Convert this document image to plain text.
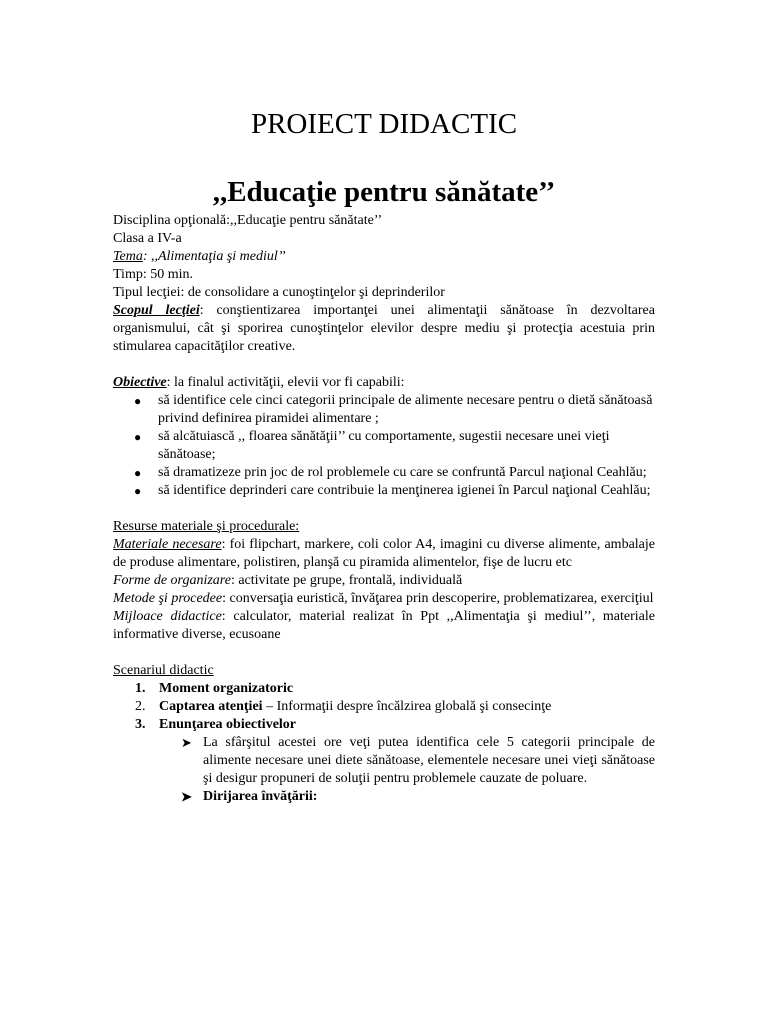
PROIECT DIDACTIC
,,Educaţie pentru sănătate’’

Disciplina opţională:,,Educaţie pentru sănătate’’

Clasa a IV-a

Tema: ,,Alimentaţia şi mediul’’

Timp: 50 min.

Tipul lecţiei: de consolidare a cunoştinţelor şi deprinderilor

Scopul lecţiei: conştientizarea importanţei unei alimentaţii sănătoase în dezvoltarea organismului, cât şi sporirea cunoştinţelor elevilor despre mediu şi protecţia acestuia prin stimularea capacităţilor creative.

Obiective: la finalul activităţii, elevii vor fi capabili:

● să identifice cele cinci categorii principale de alimente necesare pentru o dietă sănătoasă privind definirea piramidei alimentare ;
● să alcătuiască ,, floarea sănătăţii’’ cu comportamente, sugestii necesare unei vieţi sănătoase;
● să dramatizeze prin joc de rol problemele cu care se confruntă Parcul naţional Ceahlău;
● să identifice deprinderi care contribuie la menţinerea igienei în Parcul naţional Ceahlău;

Resurse materiale şi procedurale:

Materiale necesare: foi flipchart, markere, coli color A4, imagini cu diverse alimente, ambalaje de produse alimentare, polistiren, planşă cu piramida alimentelor, fişe de lucru etc

Forme de organizare: activitate pe grupe, frontală, individuală

Metode şi procedee: conversaţia euristică, învăţarea prin descoperire, problematizarea, exerciţiul

Mijloace didactice: calculator, material realizat în Ppt ,,Alimentaţia şi mediul’’, materiale informative diverse, ecusoane

Scenariul didactic

1. Moment organizatoric
2. Captarea atenţiei – Informaţii despre încălzirea globală şi consecinţe
3. Enunţarea obiectivelor
➤ La sfârşitul acestei ore veţi putea identifica cele 5 categorii principale de alimente necesare unei diete sănătoase, elementele necesare unei vieţi sănătoase şi desigur propuneri de soluţii pentru problemele cauzate de poluare.
➤ Dirijarea învăţării:
